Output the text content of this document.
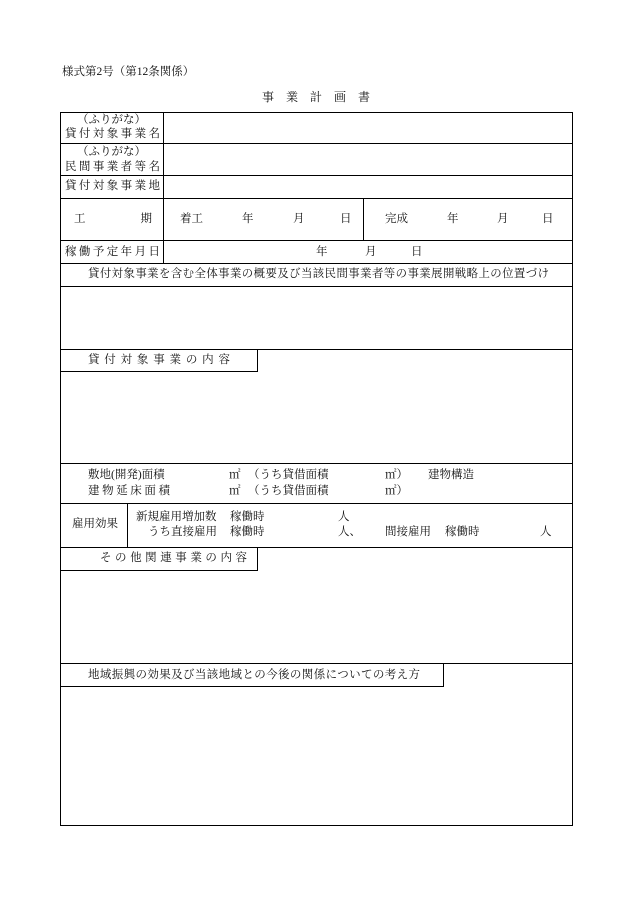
様式第2号（第12条関係）
事業計画書
（ふりがな）
貸付対象事業名
（ふりがな）
民間事業者等名
貸付対象事業地
工期 着工	年	月	日	完成	年	月	日
稼働予定年月日	年	月	日
貸付対象事業を含む全体事業の概要及び当該民間事業者等の事業展開戦略上の位置づけ
貸付対象事業の内容
敷地(開発)面積	㎡ （うち貸借面積	㎡） 建物構造
建物延床面積	㎡ （うち貸借面積	㎡）
雇用効果
新規雇用増加数 稼働時	人
うち直接雇用 稼働時	人、 間接雇用 稼働時	人
その他関連事業の内容
地域振興の効果及び当該地域との今後の関係についての考え方
